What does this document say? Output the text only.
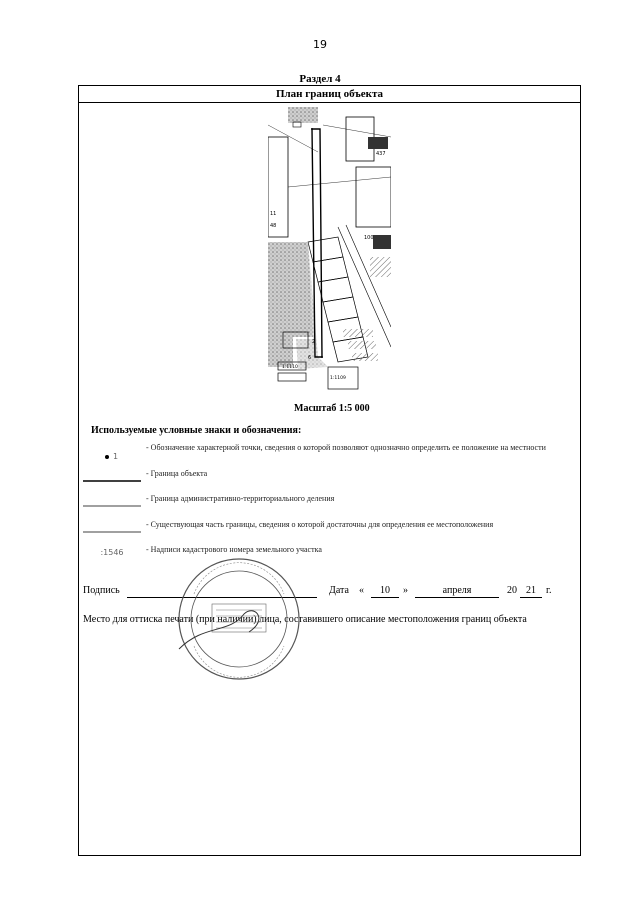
19
Раздел 4
План границ объекта
437
100
48
11
2
6
1:1110
1:1109
Масштаб 1:5 000
Используемые условные знаки и обозначения:
1
- Обозначение характерной точки, сведения о которой позволяют однозначно определить ее положение на местности
- Граница объекта
- Граница административно-территориального деления
- Существующая часть границы, сведения о которой достаточны для определения ее местоположения
:1546	- Надписи кадастрового номера земельного участка
Подпись	Дата «	10	»	апреля	20 21	г.
Место для оттиска печати (при наличии) лица, составившего описание местоположения границ объекта
